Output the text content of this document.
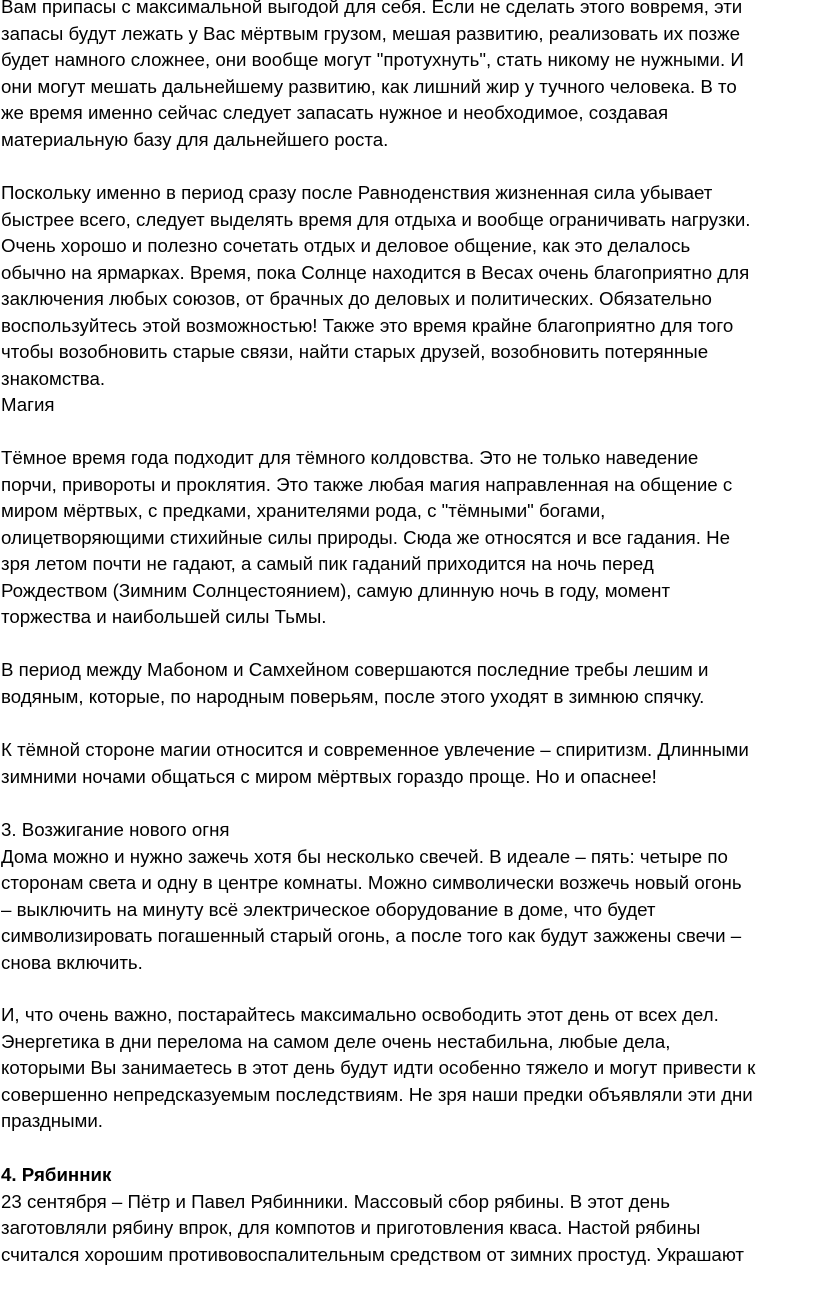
Вам припасы с максимальной выгодой для себя. Если не сделать этого вовремя, эти
запасы будут лежать у Вас мёртвым грузом, мешая развитию, реализовать их позже
будет намного сложнее, они вообще могут "протухнуть", стать никому не нужными. И
они могут мешать дальнейшему развитию, как лишний жир у тучного человека. В то
же время именно сейчас следует запасать нужное и необходимое, создавая
материальную базу для дальнейшего роста.
Поскольку именно в период сразу после Равноденствия жизненная сила убывает
быстрее всего, следует выделять время для отдыха и вообще ограничивать нагрузки.
Очень хорошо и полезно сочетать отдых и деловое общение, как это делалось
обычно на ярмарках. Время, пока Солнце находится в Весах очень благоприятно для
заключения любых союзов, от брачных до деловых и политических. Обязательно
воспользуйтесь этой возможностью! Также это время крайне благоприятно для того
чтобы возобновить старые связи, найти старых друзей, возобновить потерянные
знакомства.
Магия
Тёмное время года подходит для тёмного колдовства. Это не только наведение
порчи, привороты и проклятия. Это также любая магия направленная на общение с
миром мёртвых, с предками, хранителями рода, с "тёмными" богами,
олицетворяющими стихийные силы природы. Сюда же относятся и все гадания. Не
зря летом почти не гадают, а самый пик гаданий приходится на ночь перед
Рождеством (Зимним Солнцестоянием), самую длинную ночь в году, момент
торжества и наибольшей силы Тьмы.
В период между Мабоном и Самхейном совершаются последние требы лешим и
водяным, которые, по народным поверьям, после этого уходят в зимнюю спячку.
К тёмной стороне магии относится и современное увлечение – спиритизм. Длинными
зимними ночами общаться с миром мёртвых гораздо проще. Но и опаснее!
3. Возжигание нового огня
Дома можно и нужно зажечь хотя бы несколько свечей. В идеале – пять: четыре по
сторонам света и одну в центре комнаты. Можно символически возжечь новый огонь
– выключить на минуту всё электрическое оборудование в доме, что будет
символизировать погашенный старый огонь, а после того как будут зажжены свечи –
снова включить.
И, что очень важно, постарайтесь максимально освободить этот день от всех дел.
Энергетика в дни перелома на самом деле очень нестабильна, любые дела,
которыми Вы занимаетесь в этот день будут идти особенно тяжело и могут привести к
совершенно непредсказуемым последствиям. Не зря наши предки объявляли эти дни
праздными.
4. Рябинник
23 сентября – Пётр и Павел Рябинники. Массовый сбор рябины. В этот день
заготовляли рябину впрок, для компотов и приготовления кваса. Настой рябины
считался хорошим противовоспалительным средством от зимних простуд. Украшают
